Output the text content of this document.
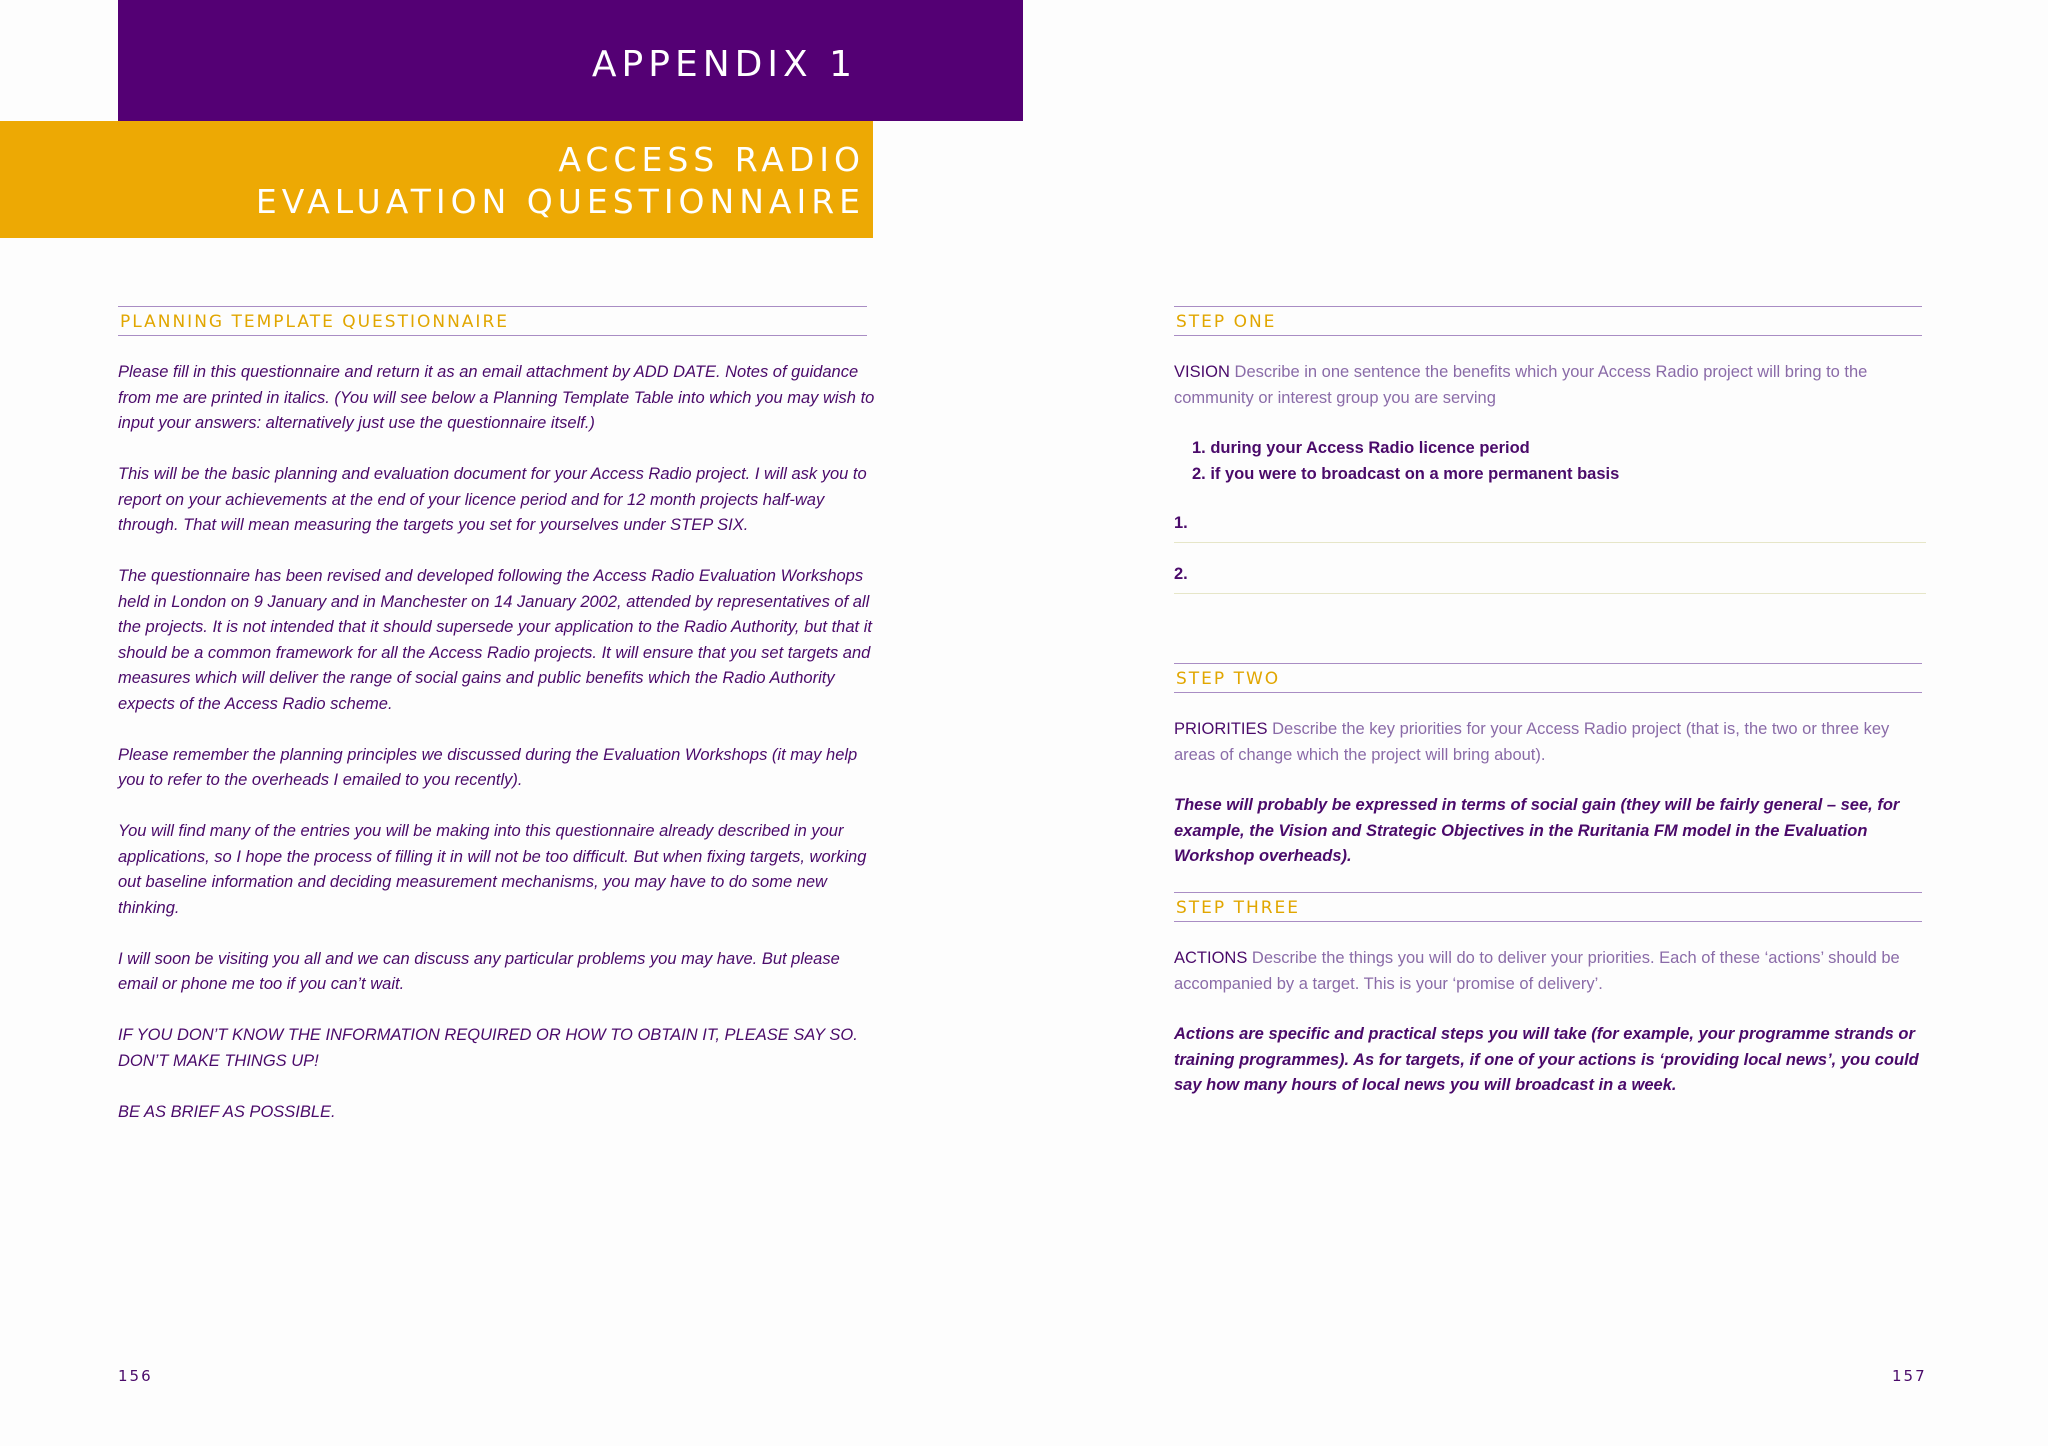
APPENDIX 1
ACCESS RADIO
EVALUATION QUESTIONNAIRE
PLANNING TEMPLATE QUESTIONNAIRE

Please fill in this questionnaire and return it as an email attachment by ADD DATE. Notes of guidance from me are printed in italics. (You will see below a Planning Template Table into which you may wish to input your answers: alternatively just use the questionnaire itself.)

This will be the basic planning and evaluation document for your Access Radio project. I will ask you to report on your achievements at the end of your licence period and for 12 month projects half-way through. That will mean measuring the targets you set for yourselves under STEP SIX.

The questionnaire has been revised and developed following the Access Radio Evaluation Workshops held in London on 9 January and in Manchester on 14 January 2002, attended by representatives of all the projects. It is not intended that it should supersede your application to the Radio Authority, but that it should be a common framework for all the Access Radio projects. It will ensure that you set targets and measures which will deliver the range of social gains and public benefits which the Radio Authority expects of the Access Radio scheme.

Please remember the planning principles we discussed during the Evaluation Workshops (it may help you to refer to the overheads I emailed to you recently).

You will find many of the entries you will be making into this questionnaire already described in your applications, so I hope the process of filling it in will not be too difficult. But when fixing targets, working out baseline information and deciding measurement mechanisms, you may have to do some new thinking.

I will soon be visiting you all and we can discuss any particular problems you may have. But please email or phone me too if you can’t wait.

IF YOU DON’T KNOW THE INFORMATION REQUIRED OR HOW TO OBTAIN IT, PLEASE SAY SO. DON’T MAKE THINGS UP!

BE AS BRIEF AS POSSIBLE.

156
STEP ONE

VISION Describe in one sentence the benefits which your Access Radio project will bring to the community or interest group you are serving

1. during your Access Radio licence period
2. if you were to broadcast on a more permanent basis
1.
2.
STEP TWO

PRIORITIES Describe the key priorities for your Access Radio project (that is, the two or three key areas of change which the project will bring about).

These will probably be expressed in terms of social gain (they will be fairly general – see, for example, the Vision and Strategic Objectives in the Ruritania FM model in the Evaluation Workshop overheads).

STEP THREE

ACTIONS Describe the things you will do to deliver your priorities. Each of these ‘actions’ should be accompanied by a target. This is your ‘promise of delivery’.

Actions are specific and practical steps you will take (for example, your programme strands or training programmes). As for targets, if one of your actions is ‘providing local news’, you could say how many hours of local news you will broadcast in a week.

157
